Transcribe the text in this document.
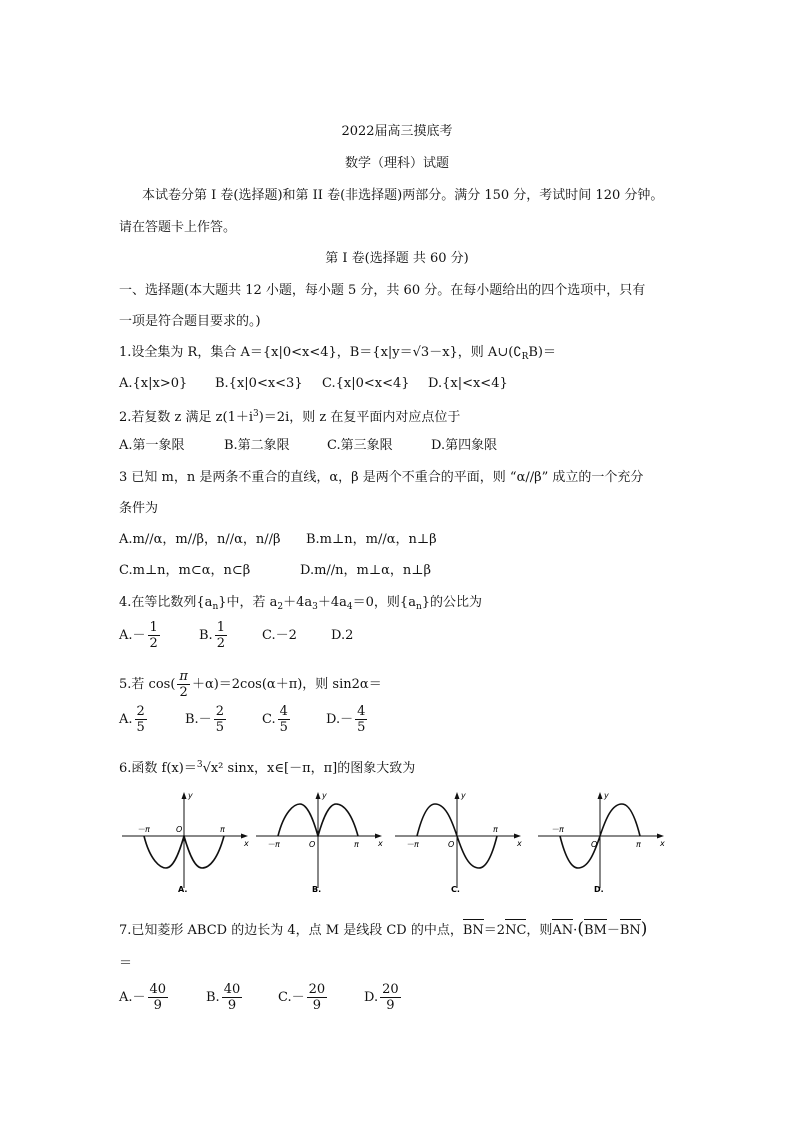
2022届高三摸底考
数学（理科）试题
本试卷分第 I 卷(选择题)和第 II 卷(非选择题)两部分。满分 150 分，考试时间 120 分钟。
请在答题卡上作答。
第 I 卷(选择题 共 60 分)
一、选择题(本大题共 12 小题，每小题 5 分，共 60 分。在每小题给出的四个选项中，只有
一项是符合题目要求的。)
1.设全集为 R，集合 A＝{x|0<x<4}，B＝{x|y＝√3－x}，则 $A\cup(∁_RB)=$
A.{x|x>0} B.{x|0<x<3} C.{x|0<x<4} D.{x|<x<4}
2.若复数 z 满足 $z(1+i^3)=2i$，则 z 在复平面内对应点位于
A.第一象限	B.第二象限	C.第三象限	D.第四象限
3 已知 m，n 是两条不重合的直线，α，β 是两个不重合的平面，则 “α//β” 成立的一个充分
条件为
A.m//α，m//β，n//α，n//β B.m⊥n，m//α，n⊥β
C.m⊥n，m⊂α，n⊂β	D.m//n，m⊥α，n⊥β
4.在等比数列$\{a_n\}$中，若 $a_2+4a_3+4a_4=0$，则$\{a_n\}$的公比为
$A.- \frac{1}{2}$	B. $\frac{1}{2}$	C.－2	D.2
5.若 $\cos( \frac{\pi}{2} +\alpha)=2\cos(\alpha+\pi)$，则 sin2α＝
A. $\frac{2}{5}$	$B.- \frac{2}{5}$	C. $\frac{4}{5}$	$D.- \frac{4}{5}$
6.函数 f(x)＝$^3$√x² sinx，x∈[－π，π]的图象大致为
y
x
－π	π
O
A.
y
x
－π	π
O
B.
y
x
－π
π
O
C.
y
x
－π
π
O
D.
7.已知菱形 ABCD 的边长为 4，点 M 是线段 CD 的中点，BN＝2NC，则AN·(BM－BN)
＝
$A.- \frac{40}{9}$	B. $\frac{40}{9}$	$C.- \frac{20}{9}$	D. $\frac{20}{9}$
